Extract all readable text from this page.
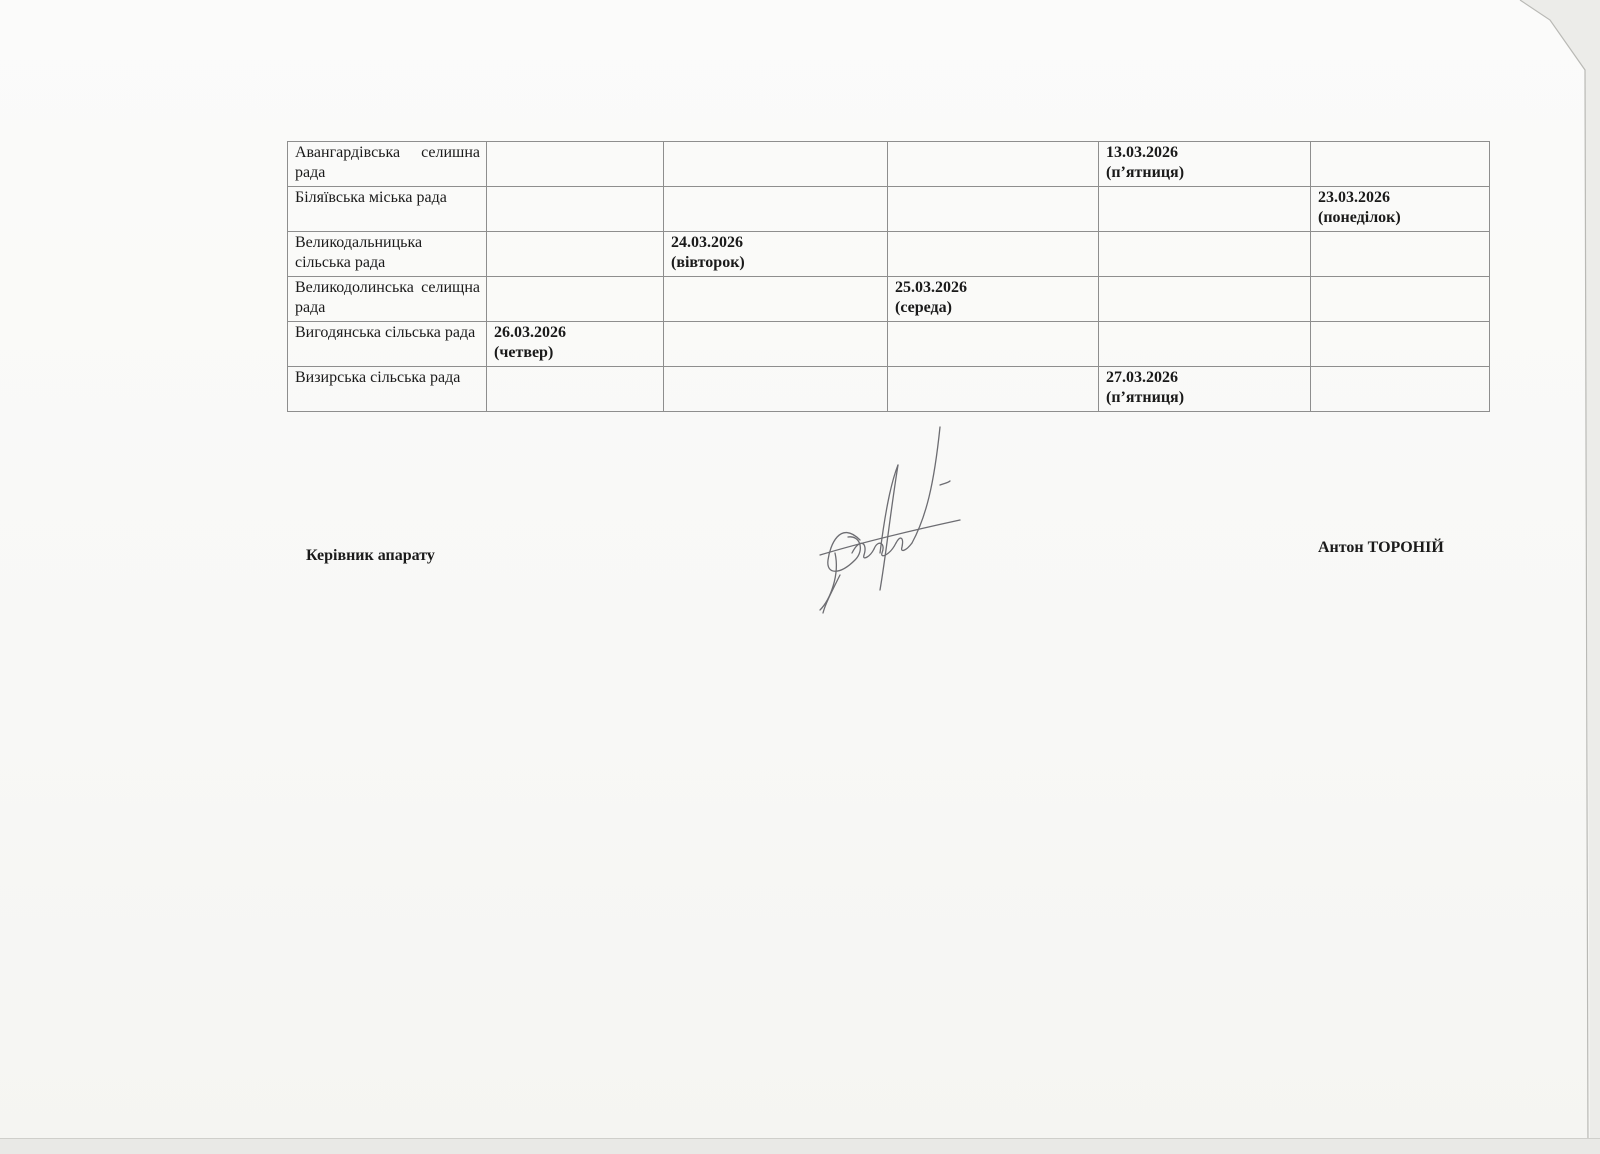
Авангардівська селишна рада				13.03.2026
(п’ятниця)	

Біляївська міська рада					23.03.2026
(понеділок)

Великодальницька сільська рада		24.03.2026
(вівторок)			

Великодолинська селищна рада			25.03.2026
(середа)		

Вигодянська сільська рада	26.03.2026
(четвер)				

Визирська сільська рада				27.03.2026
(п’ятниця)	

Керівник апарату	Антон ТОРОНІЙ
